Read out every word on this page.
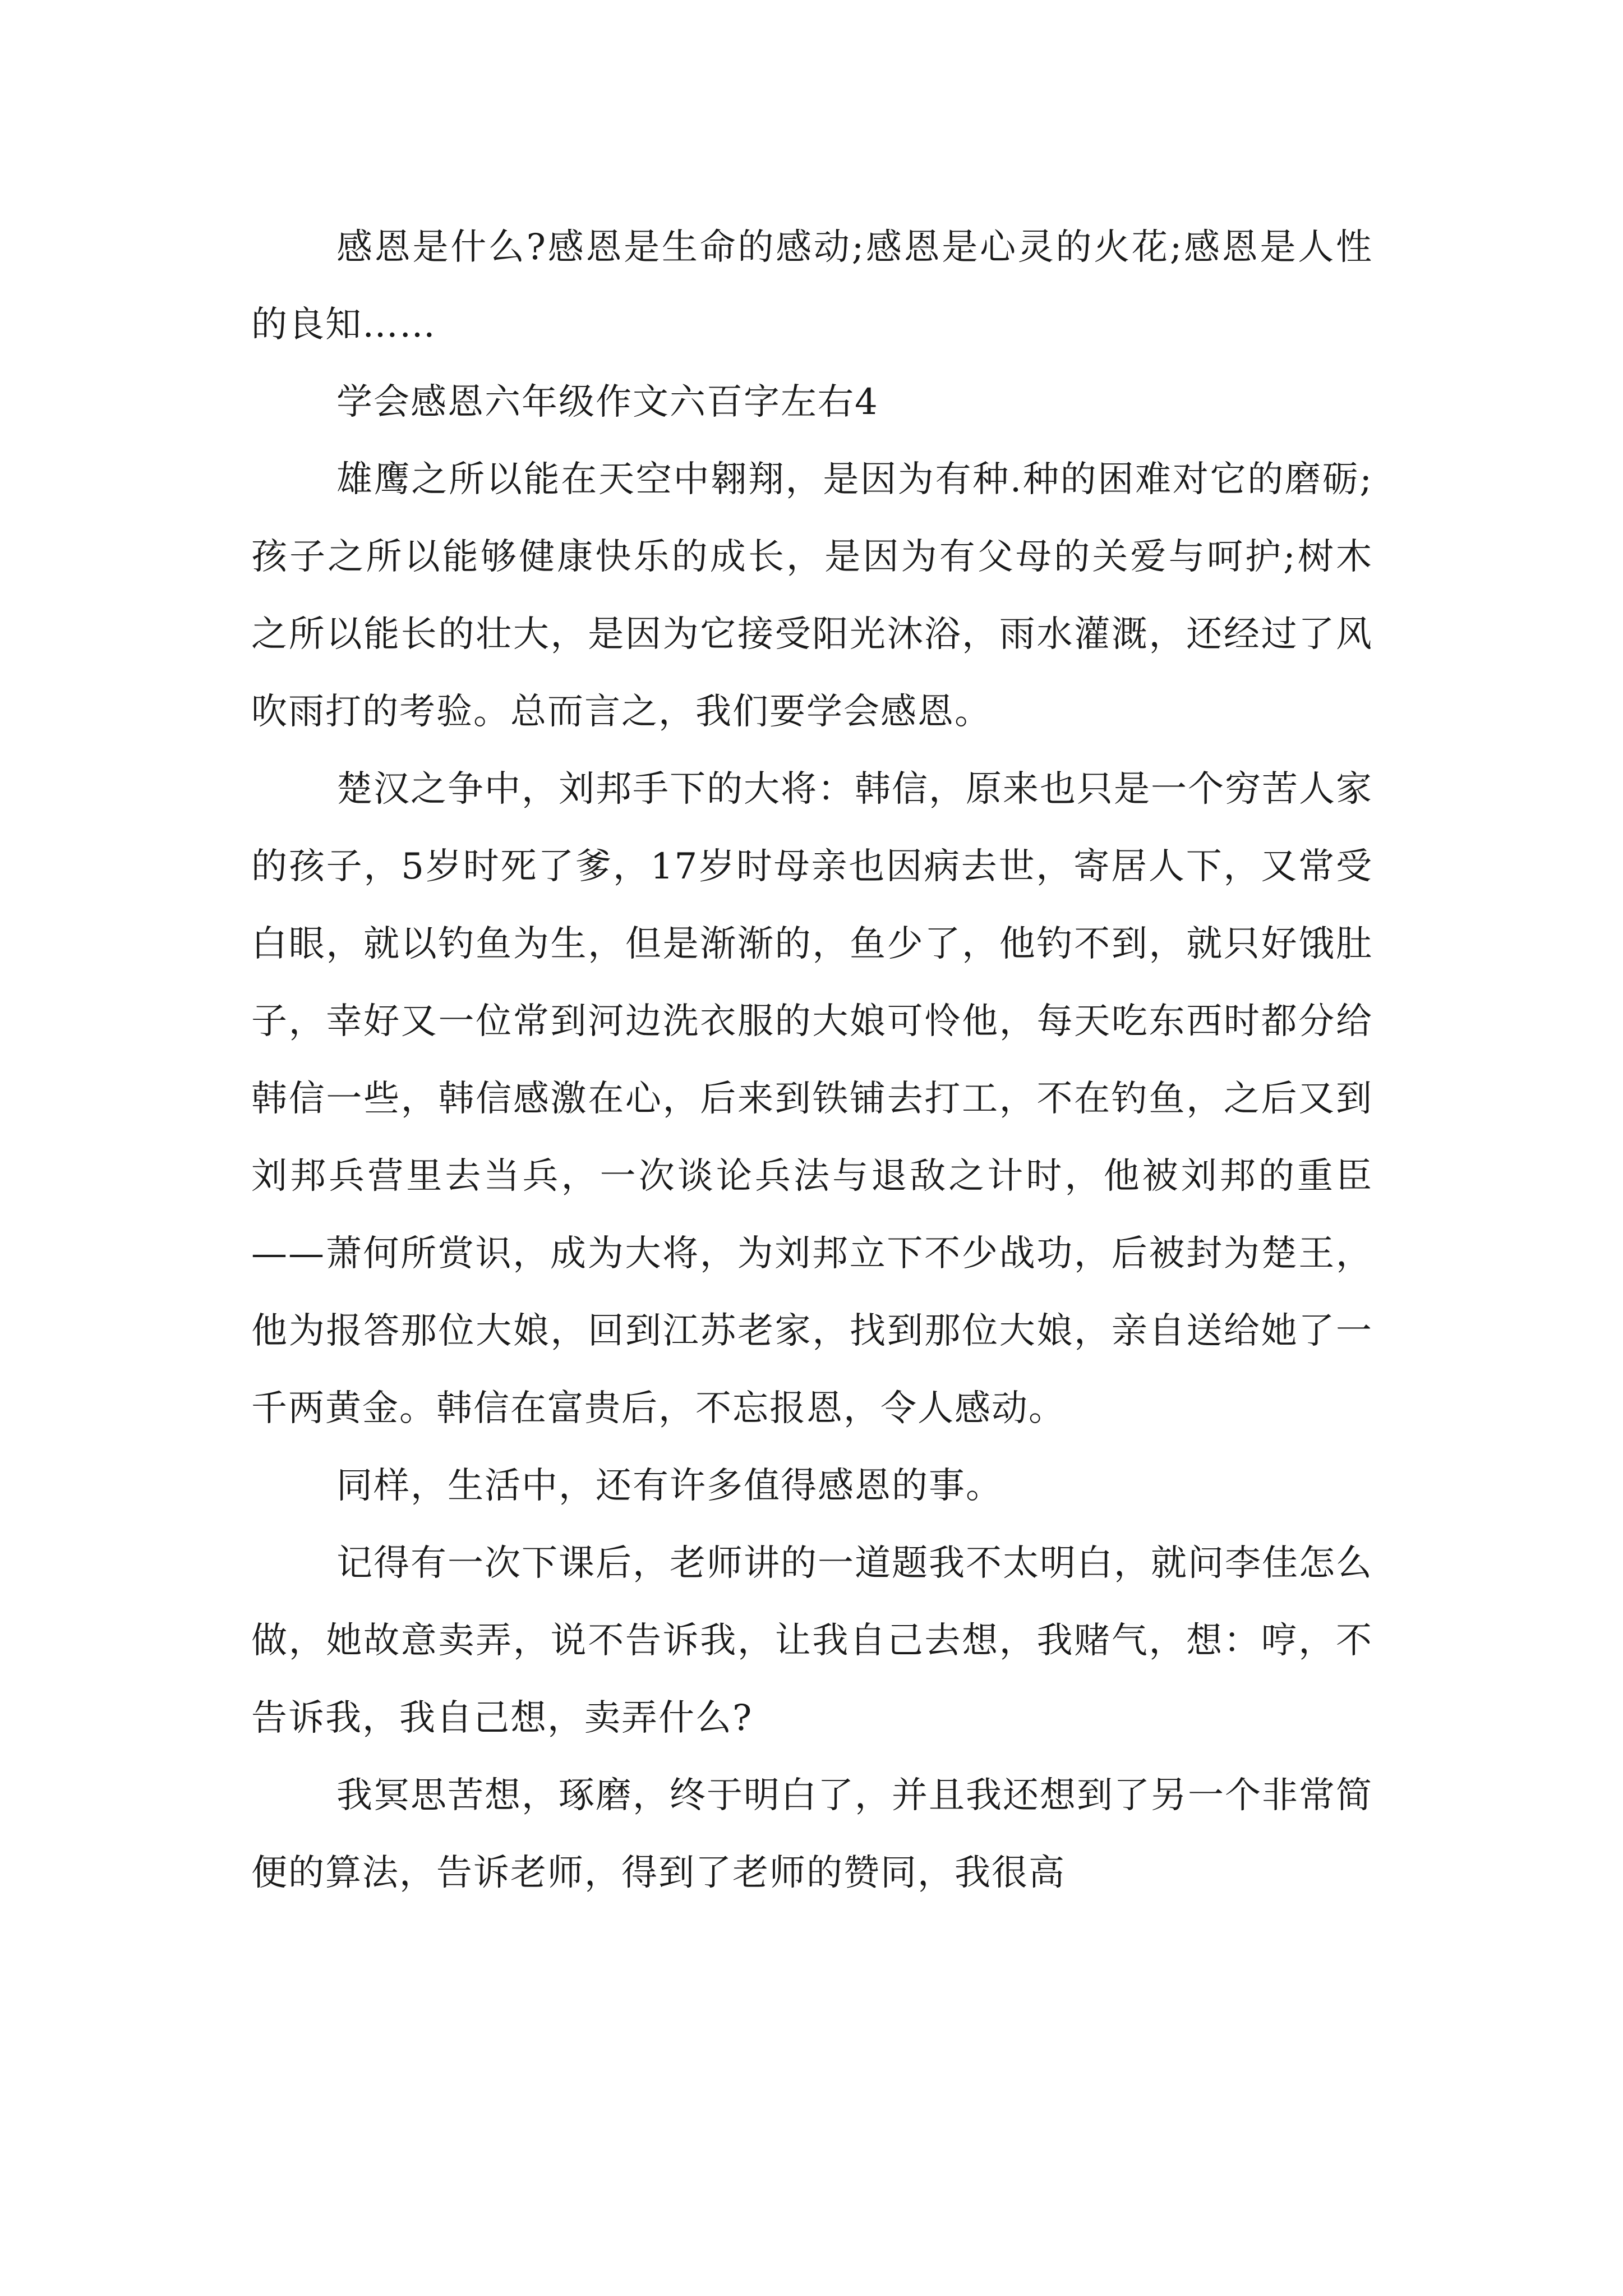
感恩是什么?感恩是生命的感动;感恩是心灵的火花;感恩是人性的良知……

学会感恩六年级作文六百字左右4

雄鹰之所以能在天空中翱翔，是因为有种.种的困难对它的磨砺;孩子之所以能够健康快乐的成长，是因为有父母的关爱与呵护;树木之所以能长的壮大，是因为它接受阳光沐浴，雨水灌溉，还经过了风吹雨打的考验。总而言之，我们要学会感恩。

楚汉之争中，刘邦手下的大将：韩信，原来也只是一个穷苦人家的孩子，5岁时死了爹，17岁时母亲也因病去世，寄居人下，又常受白眼，就以钓鱼为生，但是渐渐的，鱼少了，他钓不到，就只好饿肚子，幸好又一位常到河边洗衣服的大娘可怜他，每天吃东西时都分给韩信一些，韩信感激在心，后来到铁铺去打工，不在钓鱼，之后又到刘邦兵营里去当兵，一次谈论兵法与退敌之计时，他被刘邦的重臣——萧何所赏识，成为大将，为刘邦立下不少战功，后被封为楚王，他为报答那位大娘，回到江苏老家，找到那位大娘，亲自送给她了一千两黄金。韩信在富贵后，不忘报恩，令人感动。

同样，生活中，还有许多值得感恩的事。

记得有一次下课后，老师讲的一道题我不太明白，就问李佳怎么做，她故意卖弄，说不告诉我，让我自己去想，我赌气，想：哼，不告诉我，我自己想，卖弄什么?

我冥思苦想，琢磨，终于明白了，并且我还想到了另一个非常简便的算法，告诉老师，得到了老师的赞同，我很高
